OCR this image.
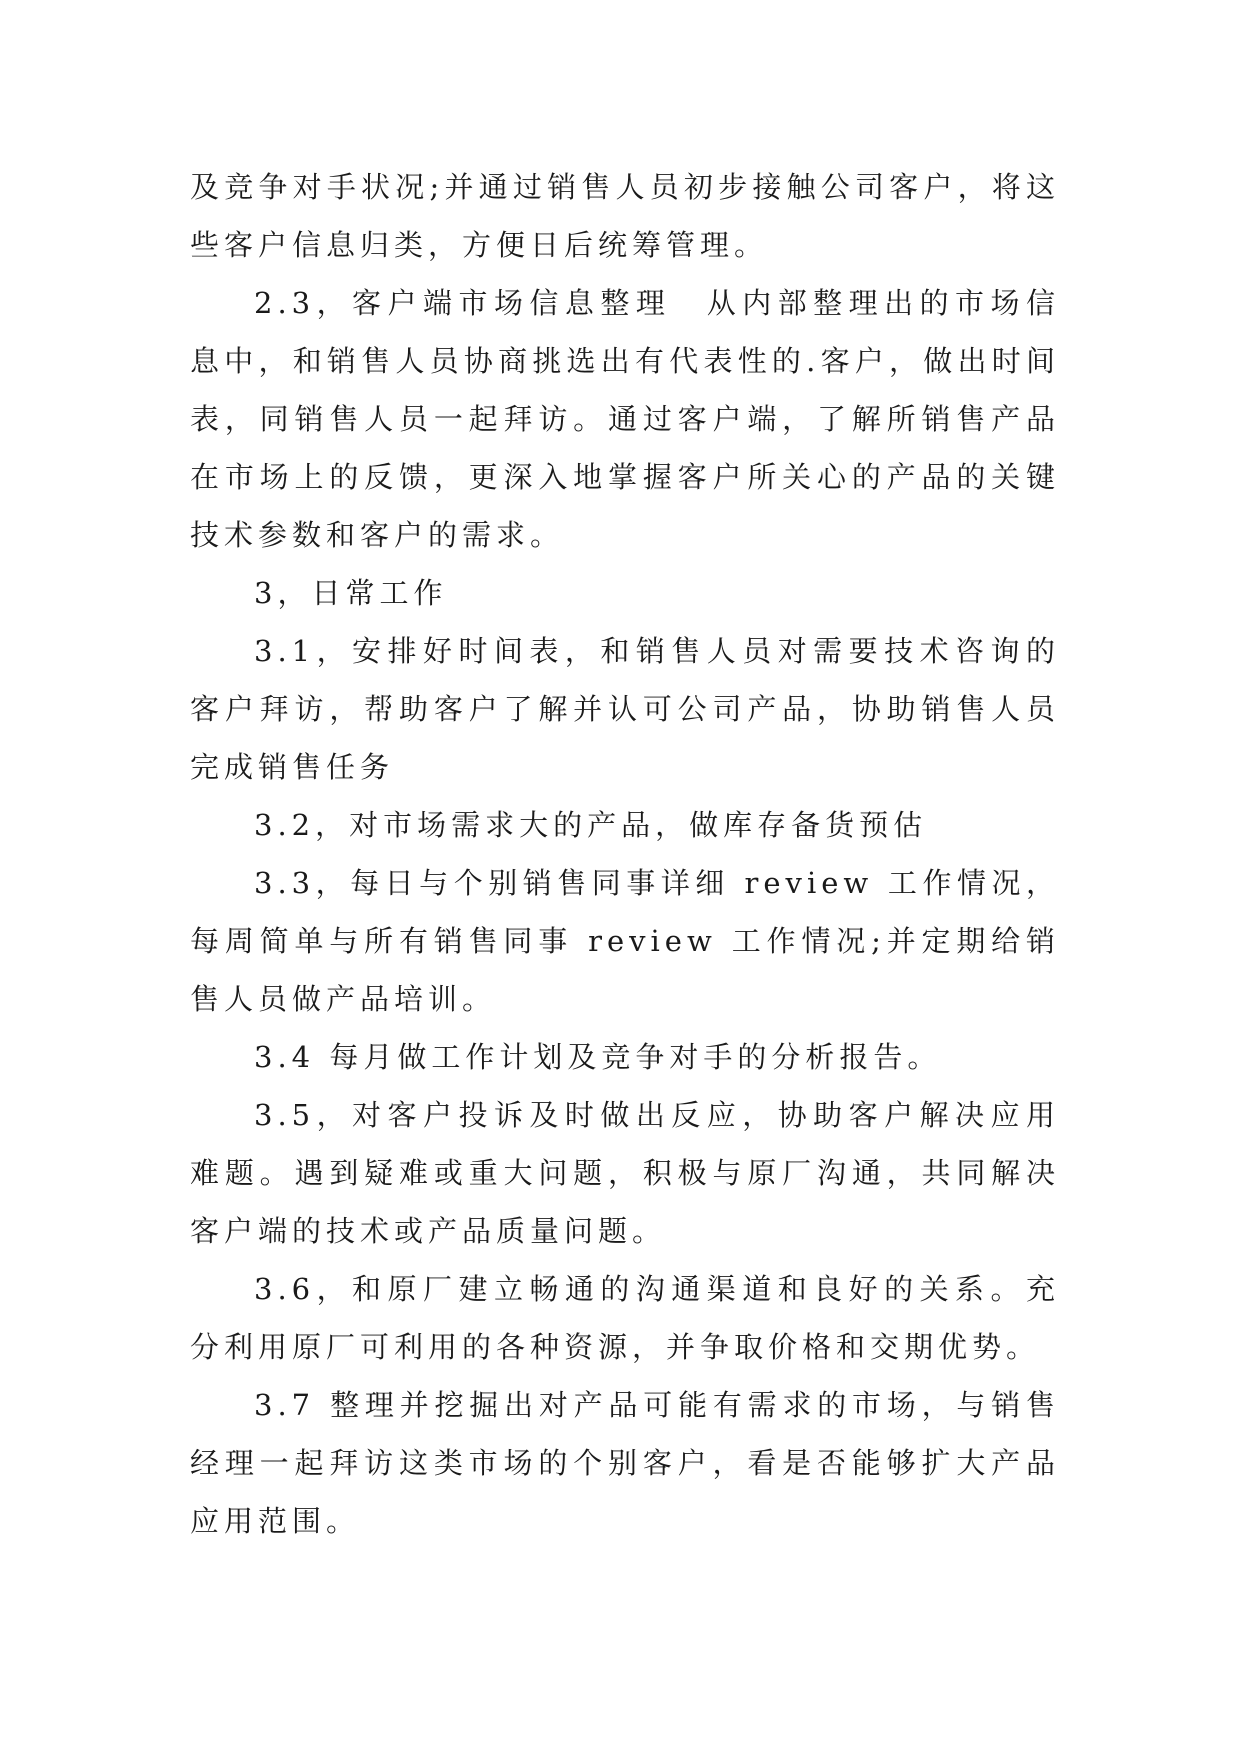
及竞争对手状况;并通过销售人员初步接触公司客户，将这些客户信息归类，方便日后统筹管理。

2.3，客户端市场信息整理　从内部整理出的市场信息中，和销售人员协商挑选出有代表性的.客户，做出时间表，同销售人员一起拜访。通过客户端，了解所销售产品在市场上的反馈，更深入地掌握客户所关心的产品的关键技术参数和客户的需求。

3，日常工作

3.1，安排好时间表，和销售人员对需要技术咨询的客户拜访，帮助客户了解并认可公司产品，协助销售人员完成销售任务

3.2，对市场需求大的产品，做库存备货预估

3.3，每日与个别销售同事详细 review 工作情况，每周简单与所有销售同事 review 工作情况;并定期给销售人员做产品培训。

3.4 每月做工作计划及竞争对手的分析报告。

3.5，对客户投诉及时做出反应，协助客户解决应用难题。遇到疑难或重大问题，积极与原厂沟通，共同解决客户端的技术或产品质量问题。

3.6，和原厂建立畅通的沟通渠道和良好的关系。充分利用原厂可利用的各种资源，并争取价格和交期优势。

3.7 整理并挖掘出对产品可能有需求的市场，与销售经理一起拜访这类市场的个别客户，看是否能够扩大产品应用范围。
